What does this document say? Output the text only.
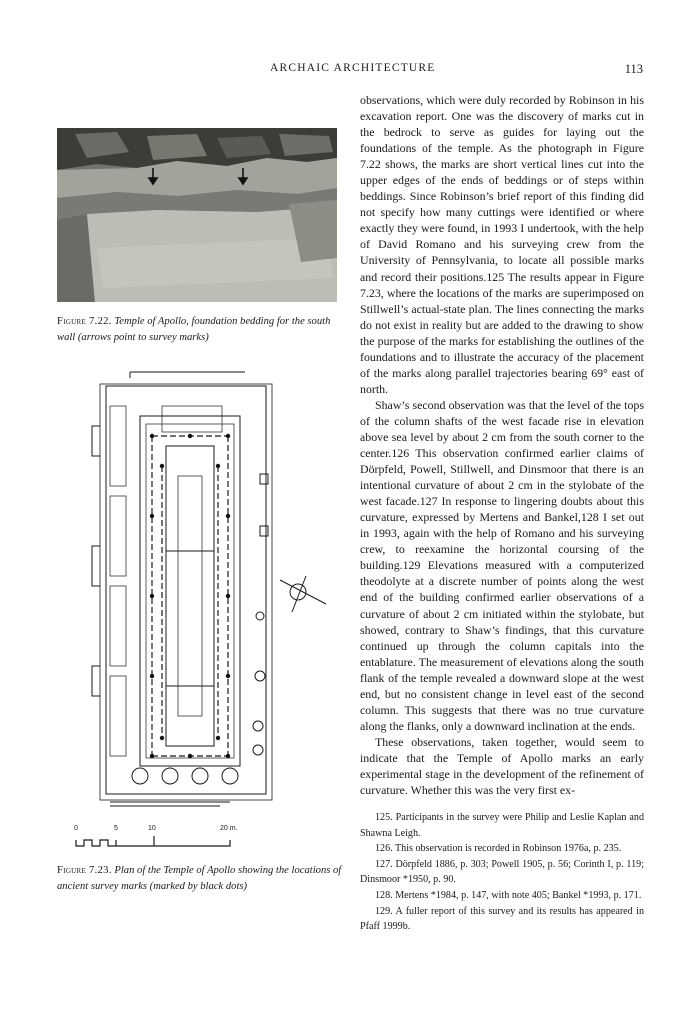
ARCHAIC ARCHITECTURE	113
Figure 7.22. Temple of Apollo, foundation bedding for the south wall (arrows point to survey marks)
0	5	10	20 m.
Figure 7.23. Plan of the Temple of Apollo showing the locations of ancient survey marks (marked by black dots)

observations, which were duly recorded by Robinson in his excavation report. One was the discovery of marks cut in the bedrock to serve as guides for laying out the foundations of the temple. As the photograph in Figure 7.22 shows, the marks are short vertical lines cut into the upper edges of the ends of beddings or of steps within beddings. Since Robinson’s brief report of this finding did not specify how many cuttings were identified or where exactly they were found, in 1993 I undertook, with the help of David Romano and his surveying crew from the University of Pennsylvania, to locate all possible marks and record their positions.125 The results appear in Figure 7.23, where the locations of the marks are superimposed on Stillwell’s actual-state plan. The lines connecting the marks do not exist in reality but are added to the drawing to show the purpose of the marks for establishing the outlines of the foundations and to illustrate the accuracy of the placement of the marks along parallel trajectories bearing 69° east of north.

Shaw’s second observation was that the level of the tops of the column shafts of the west facade rise in elevation above sea level by about 2 cm from the south corner to the center.126 This observation confirmed earlier claims of Dörpfeld, Powell, Stillwell, and Dinsmoor that there is an intentional curvature of about 2 cm in the stylobate of the west facade.127 In response to lingering doubts about this curvature, expressed by Mertens and Bankel,128 I set out in 1993, again with the help of Romano and his surveying crew, to reexamine the horizontal coursing of the building.129 Elevations measured with a computerized theodolyte at a discrete number of points along the west end of the building confirmed earlier observations of a curvature of about 2 cm initiated within the stylobate, but showed, contrary to Shaw’s findings, that this curvature continued up through the column capitals into the entablature. The measurement of elevations along the south flank of the temple revealed a downward slope at the west end, but no consistent change in level east of the second column. This suggests that there was no true curvature along the flanks, only a downward inclination at the ends.

These observations, taken together, would seem to indicate that the Temple of Apollo marks an early experimental stage in the development of the refinement of curvature. Whether this was the very first ex-

125. Participants in the survey were Philip and Leslie Kaplan and Shawna Leigh.

126. This observation is recorded in Robinson 1976a, p. 235.

127. Dörpfeld 1886, p. 303; Powell 1905, p. 56; Corinth I, p. 119; Dinsmoor *1950, p. 90.

128. Mertens *1984, p. 147, with note 405; Bankel *1993, p. 171.

129. A fuller report of this survey and its results has appeared in Pfaff 1999b.
